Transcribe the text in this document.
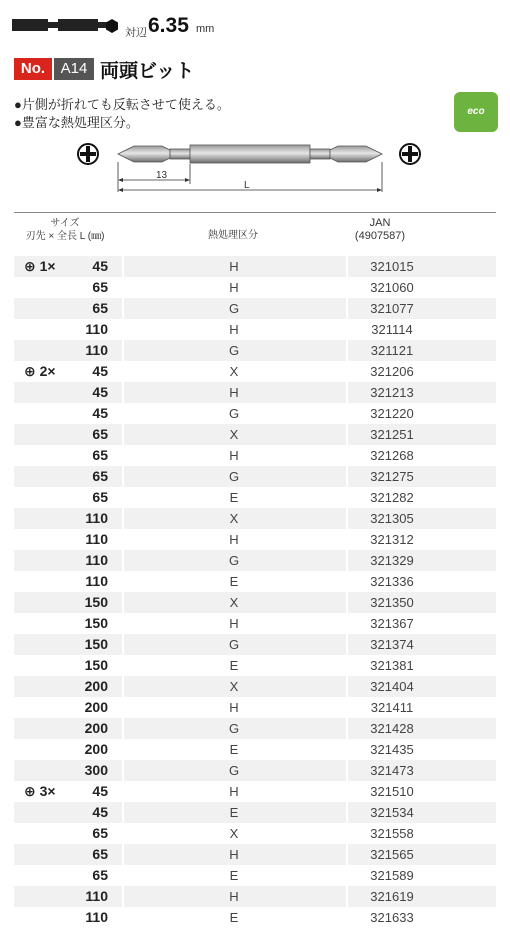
対辺 6.35 mm
No.	A14 両頭ビット
●片側が折れても反転させて使える。
●豊富な熱処理区分。
eco
13
L
サイズ
刃先 × 全長 L (㎜)	熱処理区分
JAN
(4907587)
⊕ 1×	45	H	321015
65	H	321060
65	G	321077
110	H	321114
110	G	321121
⊕ 2×	45	X	321206
45	H	321213
45	G	321220
65	X	321251
65	H	321268
65	G	321275
65	E	321282
110	X	321305
110	H	321312
110	G	321329
110	E	321336
150	X	321350
150	H	321367
150	G	321374
150	E	321381
200	X	321404
200	H	321411
200	G	321428
200	E	321435
300	G	321473
⊕ 3×	45	H	321510
45	E	321534
65	X	321558
65	H	321565
65	E	321589
110	H	321619
110	E	321633
